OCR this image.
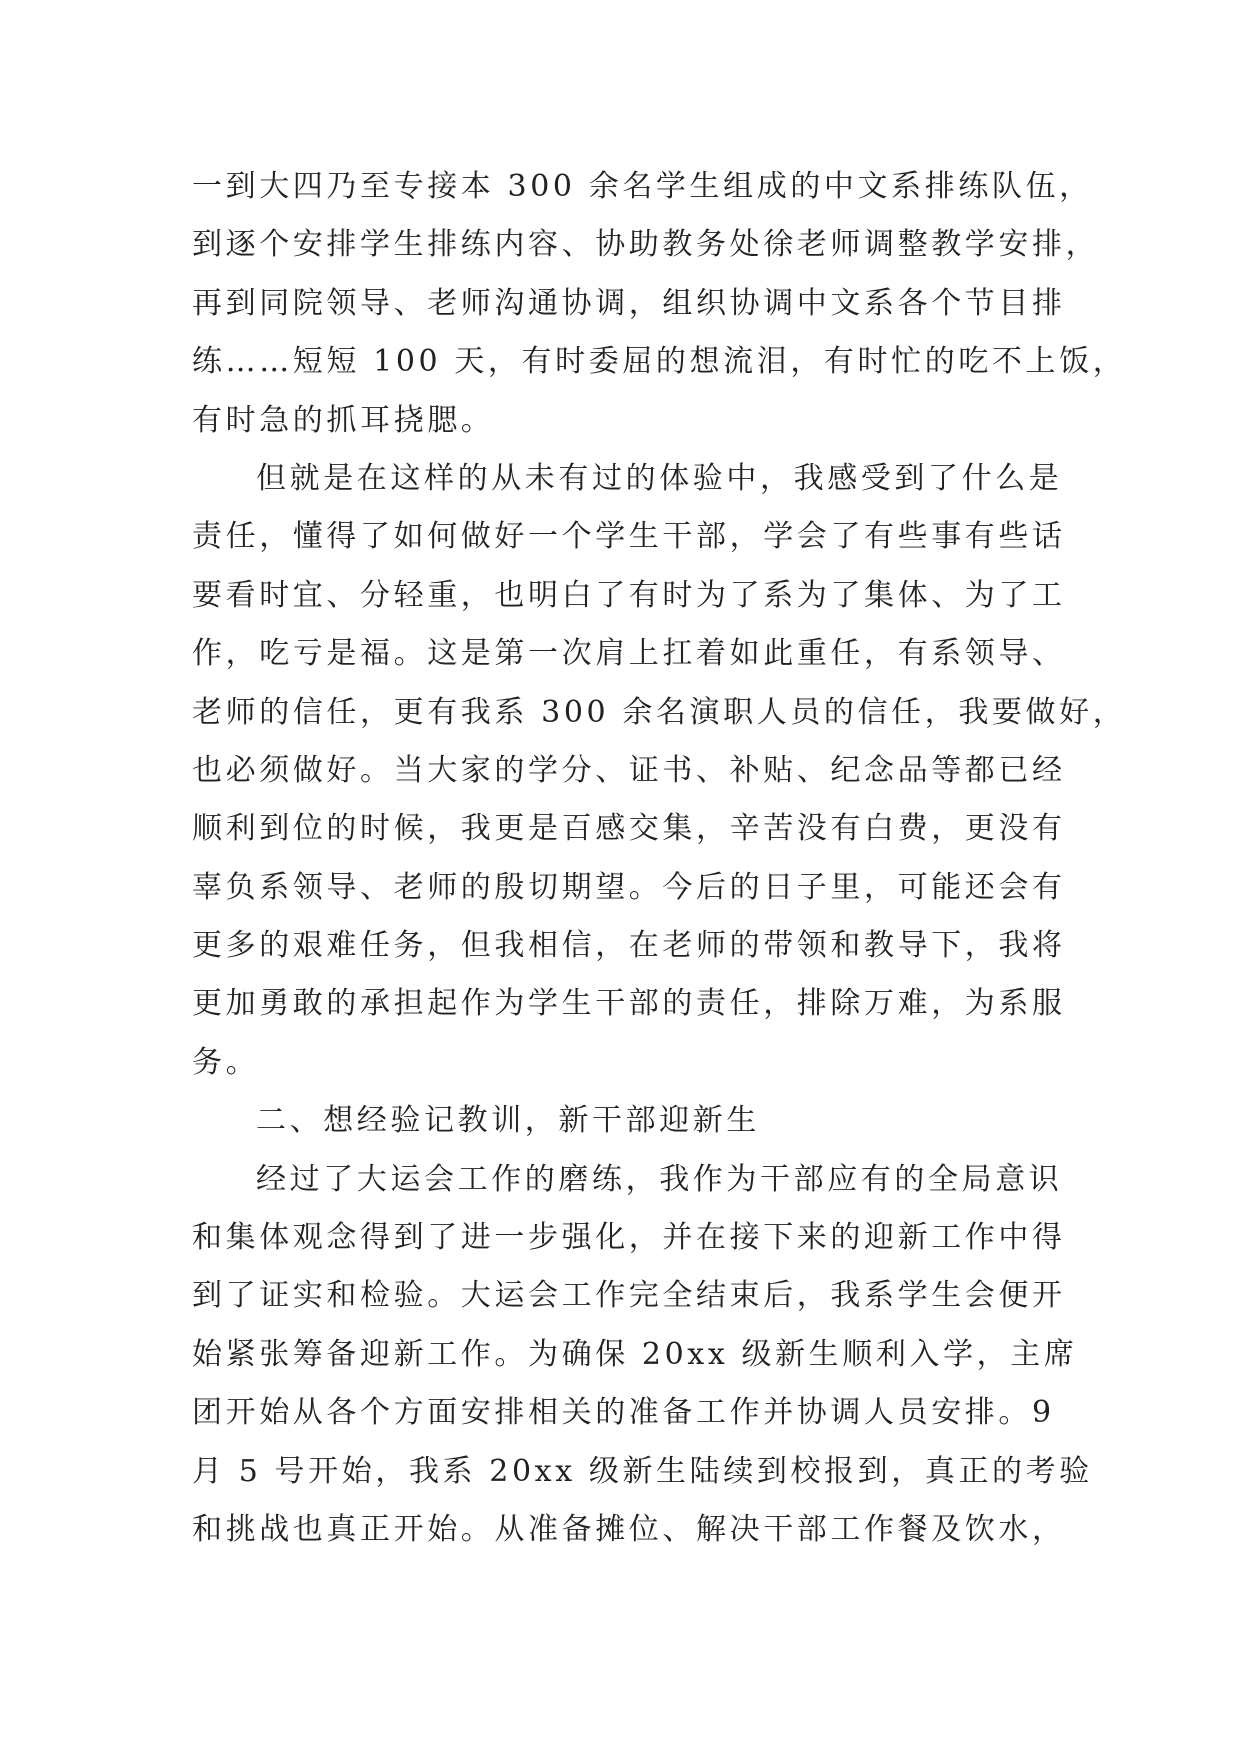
一到大四乃至专接本 300 余名学生组成的中文系排练队伍，
到逐个安排学生排练内容、协助教务处徐老师调整教学安排，
再到同院领导、老师沟通协调，组织协调中文系各个节目排
练……短短 100 天，有时委屈的想流泪，有时忙的吃不上饭，
有时急的抓耳挠腮。
但就是在这样的从未有过的体验中，我感受到了什么是
责任，懂得了如何做好一个学生干部，学会了有些事有些话
要看时宜、分轻重，也明白了有时为了系为了集体、为了工
作，吃亏是福。这是第一次肩上扛着如此重任，有系领导、
老师的信任，更有我系 300 余名演职人员的信任，我要做好，
也必须做好。当大家的学分、证书、补贴、纪念品等都已经
顺利到位的时候，我更是百感交集，辛苦没有白费，更没有
辜负系领导、老师的殷切期望。今后的日子里，可能还会有
更多的艰难任务，但我相信，在老师的带领和教导下，我将
更加勇敢的承担起作为学生干部的责任，排除万难，为系服
务。
二、想经验记教训，新干部迎新生
经过了大运会工作的磨练，我作为干部应有的全局意识
和集体观念得到了进一步强化，并在接下来的迎新工作中得
到了证实和检验。大运会工作完全结束后，我系学生会便开
始紧张筹备迎新工作。为确保 20xx 级新生顺利入学，主席
团开始从各个方面安排相关的准备工作并协调人员安排。9
月 5 号开始，我系 20xx 级新生陆续到校报到，真正的考验
和挑战也真正开始。从准备摊位、解决干部工作餐及饮水，
